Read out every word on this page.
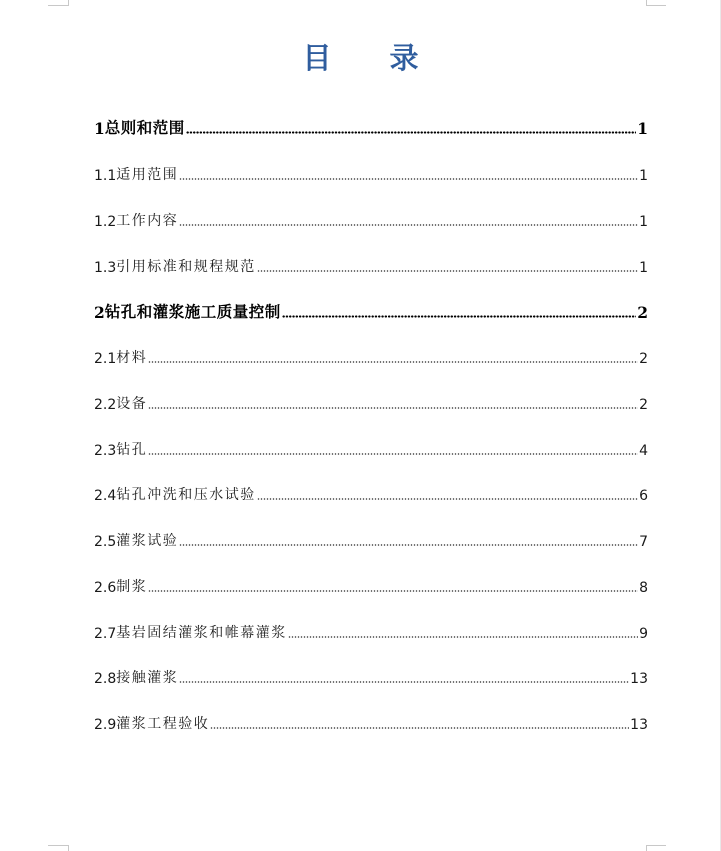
目 录
1 总则和范围	1
1.1 适用范围	1
1.2 工作内容	1
1.3 引用标准和规程规范	1
2 钻孔和灌浆施工质量控制	2
2.1 材料	2
2.2 设备	2
2.3 钻孔	4
2.4 钻孔冲洗和压水试验	6
2.5 灌浆试验	7
2.6 制浆	8
2.7 基岩固结灌浆和帷幕灌浆	9
2.8 接触灌浆	13
2.9 灌浆工程验收	13
